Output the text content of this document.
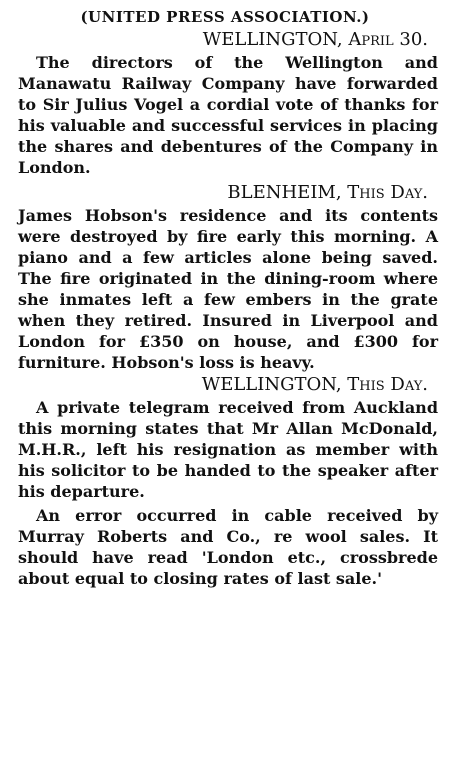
(UNITED PRESS ASSOCIATION.)
WELLINGTON, April 30.

The directors of the Wellington and Manawatu Railway Company have forwarded to Sir Julius Vogel a cordial vote of thanks for his valuable and successful services in placing the shares and debentures of the Company in London.

BLENHEIM, This Day.

James Hobson's residence and its contents were destroyed by fire early this morning. A piano and a few articles alone being saved. The fire originated in the dining-room where she inmates left a few embers in the grate when they retired. Insured in Liverpool and London for £350 on house, and £300 for furniture. Hobson's loss is heavy.

WELLINGTON, This Day.

A private telegram received from Auckland this morning states that Mr Allan McDonald, M.H.R., left his resignation as member with his solicitor to be handed to the speaker after his departure.

An error occurred in cable received by Murray Roberts and Co., re wool sales. It should have read 'London etc., crossbrede about equal to closing rates of last sale.'
